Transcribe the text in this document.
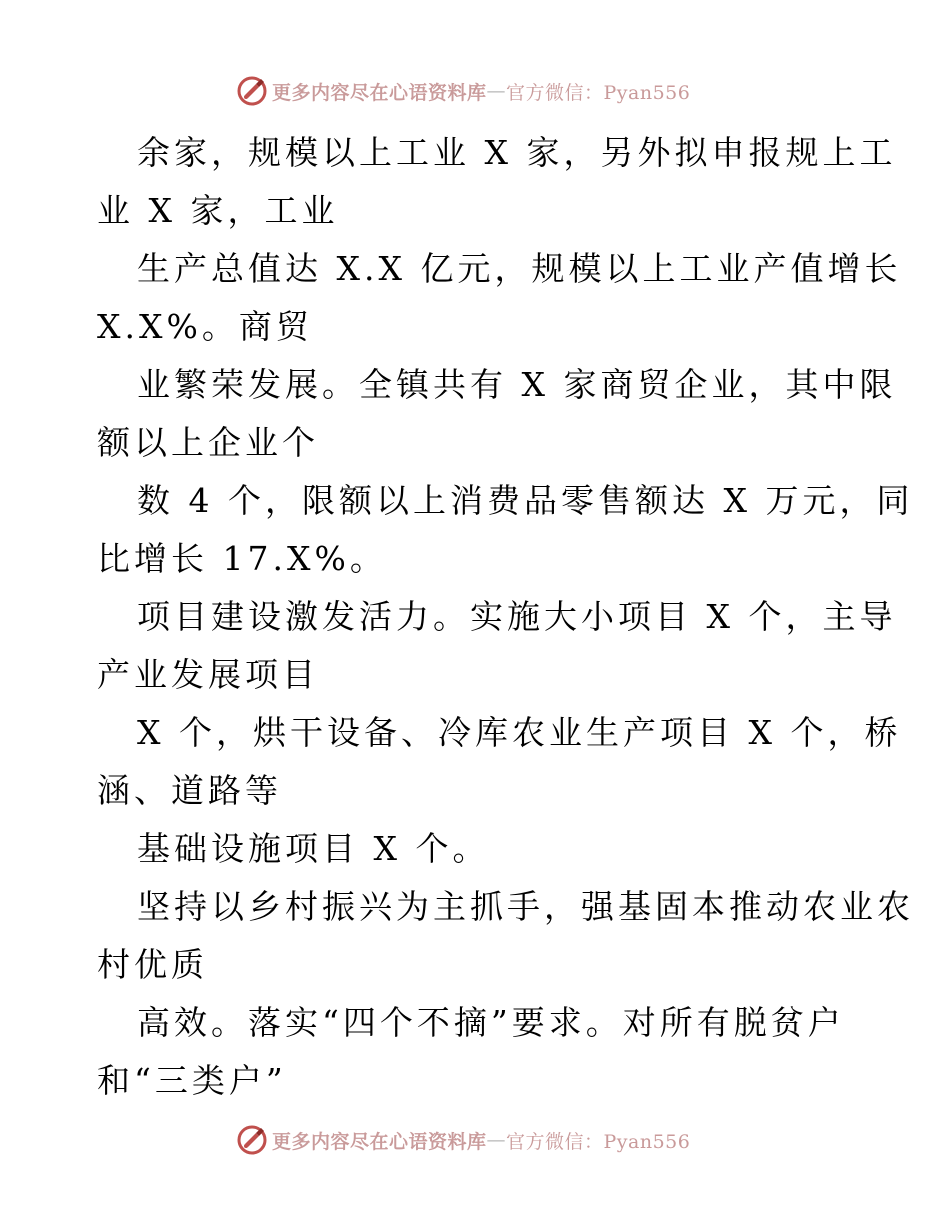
更多内容尽在心语资料库 — 官方微信：Pyan556
余家，规模以上工业 X 家，另外拟申报规上工
业 X 家，工业
生产总值达 X.X 亿元，规模以上工业产值增长
X.X%。商贸
业繁荣发展。全镇共有 X 家商贸企业，其中限
额以上企业个
数 4 个，限额以上消费品零售额达 X 万元，同
比增长 17.X%。
项目建设激发活力。实施大小项目 X 个，主导
产业发展项目
X 个，烘干设备、冷库农业生产项目 X 个，桥
涵、道路等
基础设施项目 X 个。
坚持以乡村振兴为主抓手，强基固本推动农业农
村优质
高效。落实“四个不摘”要求。对所有脱贫户
和“三类户”
更多内容尽在心语资料库 — 官方微信：Pyan556
